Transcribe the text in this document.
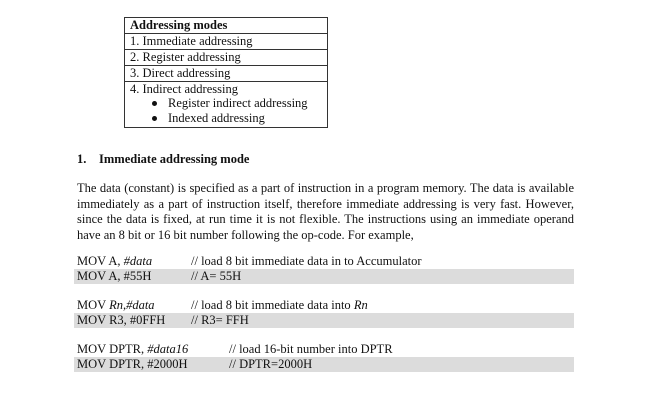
Addressing modes
1. Immediate addressing
2. Register addressing
3. Direct addressing
4. Indirect addressing
Register indirect addressing
Indexed addressing
1. Immediate addressing mode
The data (constant) is specified as a part of instruction in a program memory. The data is available immediately as a part of instruction itself, therefore immediate addressing is very fast. However, since the data is fixed, at run time it is not flexible. The instructions using an immediate operand have an 8 bit or 16 bit number following the op-code. For example,
MOV A, #data	// load 8 bit immediate data in to Accumulator
MOV A, #55H	// A= 55H
MOV Rn,#data	// load 8 bit immediate data into Rn
MOV R3, #0FFH // R3= FFH
MOV DPTR, #data16	// load 16-bit number into DPTR
MOV DPTR, #2000H	// DPTR=2000H
